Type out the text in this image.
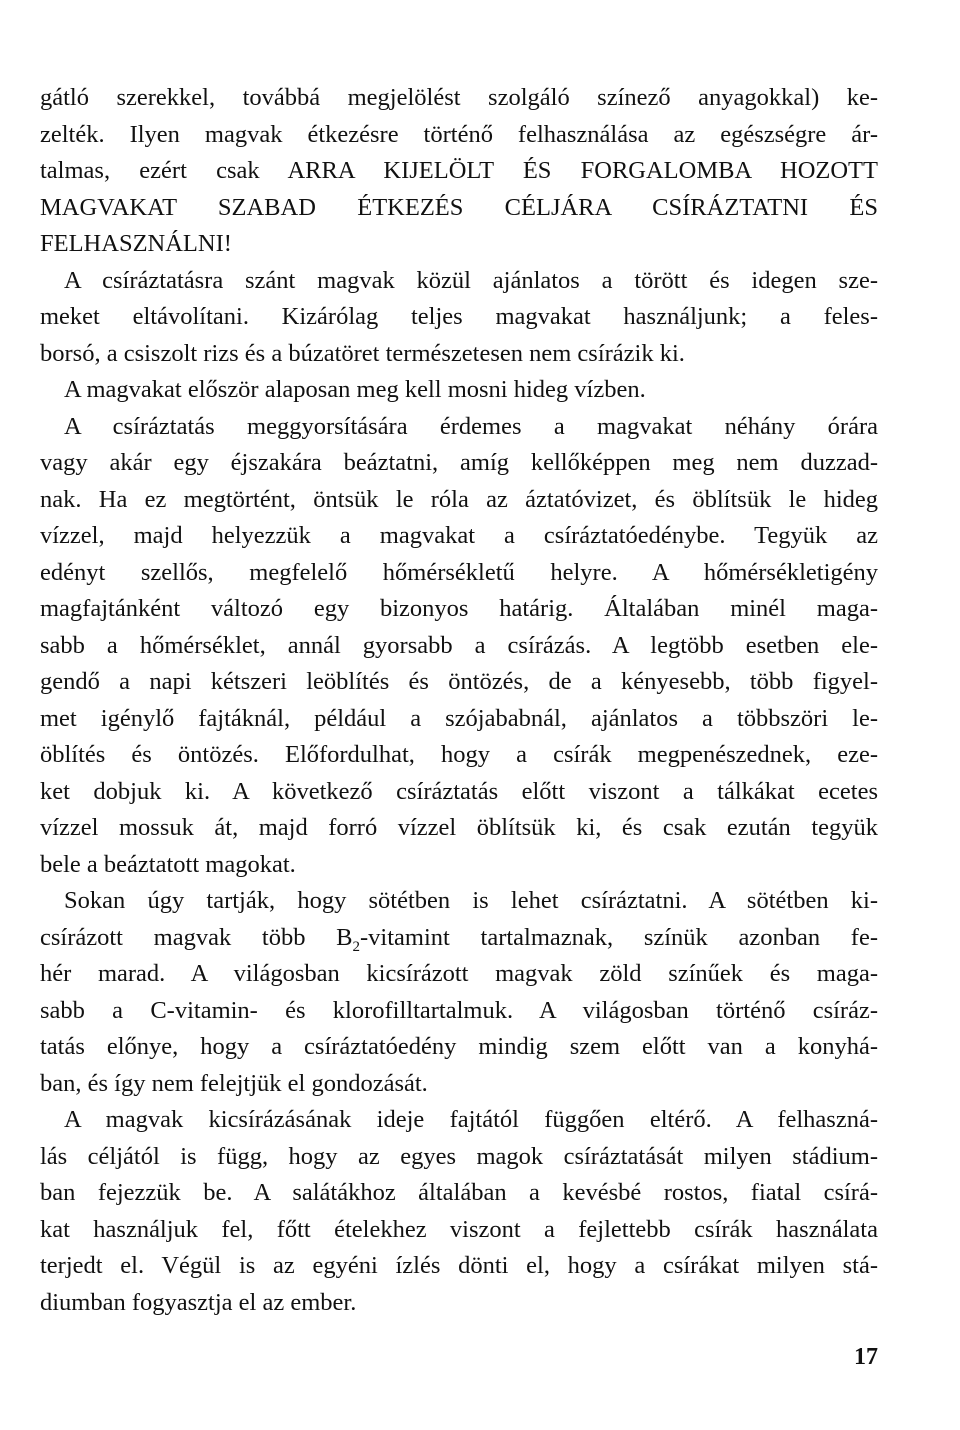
gátló szerekkel, továbbá megjelölést szolgáló színező anyagokkal) ke-
zelték. Ilyen magvak étkezésre történő felhasználása az egészségre ár-
talmas, ezért csak ARRA KIJELÖLT ÉS FORGALOMBA HOZOTT
MAGVAKAT SZABAD ÉTKEZÉS CÉLJÁRA CSÍRÁZTATNI ÉS
FELHASZNÁLNI!
A csíráztatásra szánt magvak közül ajánlatos a törött és idegen sze-
meket eltávolítani. Kizárólag teljes magvakat használjunk; a feles-
borsó, a csiszolt rizs és a búzatöret természetesen nem csírázik ki.
A magvakat először alaposan meg kell mosni hideg vízben.
A csíráztatás meggyorsítására érdemes a magvakat néhány órára
vagy akár egy éjszakára beáztatni, amíg kellőképpen meg nem duzzad-
nak. Ha ez megtörtént, öntsük le róla az áztatóvizet, és öblítsük le hideg
vízzel, majd helyezzük a magvakat a csíráztatóedénybe. Tegyük az
edényt szellős, megfelelő hőmérsékletű helyre. A hőmérsékletigény
magfajtánként változó egy bizonyos határig. Általában minél maga-
sabb a hőmérséklet, annál gyorsabb a csírázás. A legtöbb esetben ele-
gendő a napi kétszeri leöblítés és öntözés, de a kényesebb, több figyel-
met igénylő fajtáknál, például a szójababnál, ajánlatos a többszöri le-
öblítés és öntözés. Előfordulhat, hogy a csírák megpenészednek, eze-
ket dobjuk ki. A következő csíráztatás előtt viszont a tálkákat ecetes
vízzel mossuk át, majd forró vízzel öblítsük ki, és csak ezután tegyük
bele a beáztatott magokat.
Sokan úgy tartják, hogy sötétben is lehet csíráztatni. A sötétben ki-
csírázott magvak több $B_2$-vitamint tartalmaznak, színük azonban fe-
hér marad. A világosban kicsírázott magvak zöld színűek és maga-
sabb a C-vitamin- és klorofilltartalmuk. A világosban történő csíráz-
tatás előnye, hogy a csíráztatóedény mindig szem előtt van a konyhá-
ban, és így nem felejtjük el gondozását.
A magvak kicsírázásának ideje fajtától függően eltérő. A felhaszná-
lás céljától is függ, hogy az egyes magok csíráztatását milyen stádium-
ban fejezzük be. A salátákhoz általában a kevésbé rostos, fiatal csírá-
kat használjuk fel, főtt ételekhez viszont a fejlettebb csírák használata
terjedt el. Végül is az egyéni ízlés dönti el, hogy a csírákat milyen stá-
diumban fogyasztja el az ember.
17
